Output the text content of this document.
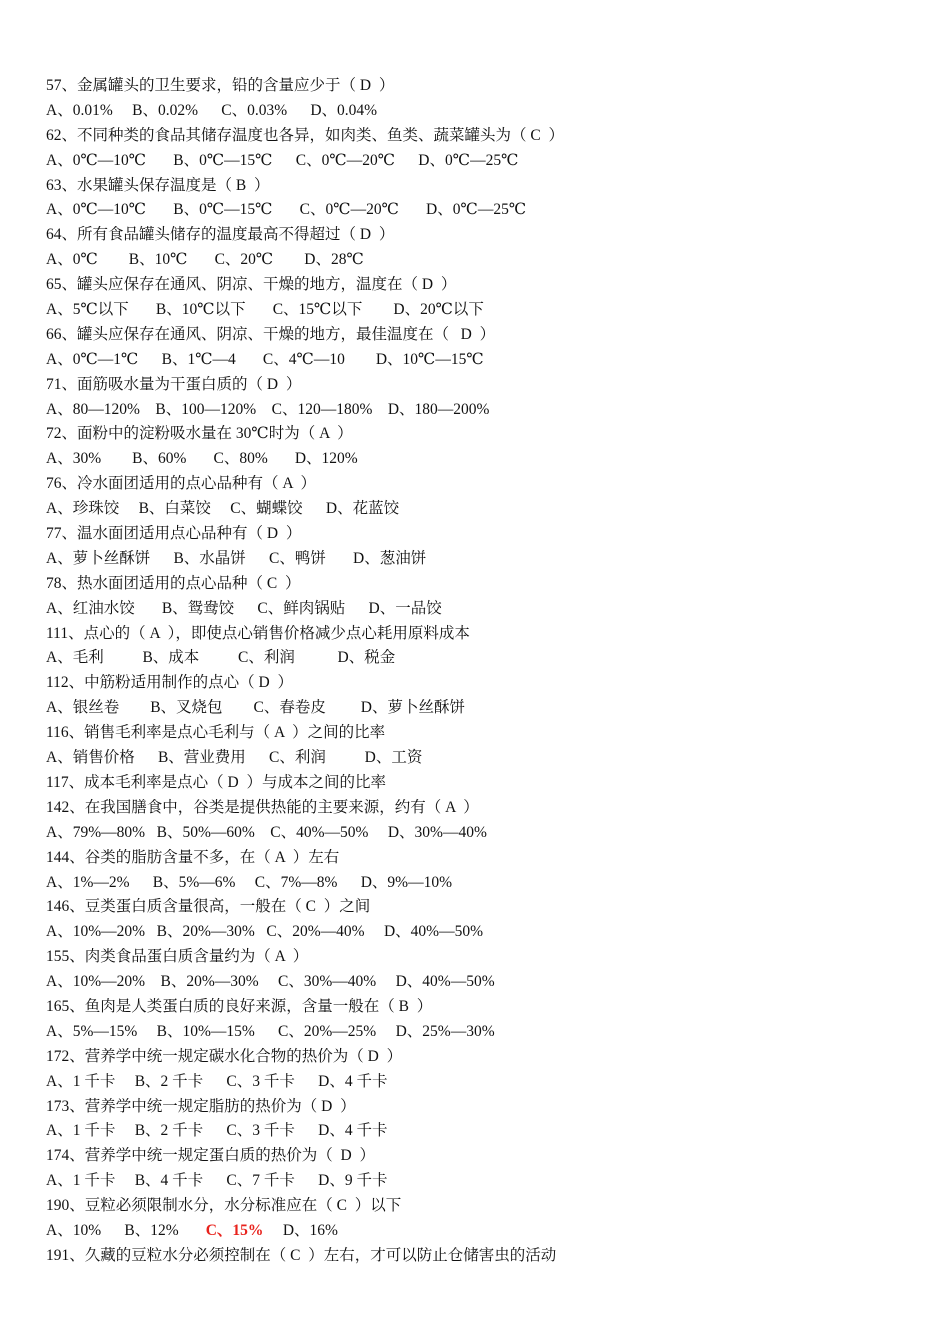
57、金属罐头的卫生要求，铅的含量应少于（ D  ）
A、0.01%     B、0.02%      C、0.03%      D、0.04%
62、不同种类的食品其储存温度也各异，如肉类、鱼类、蔬菜罐头为（ C  ）
A、0℃—10℃       B、0℃—15℃      C、0℃—20℃      D、0℃—25℃
63、水果罐头保存温度是（ B  ）
A、0℃—10℃       B、0℃—15℃       C、0℃—20℃       D、0℃—25℃
64、所有食品罐头储存的温度最高不得超过（ D  ）
A、0℃        B、10℃       C、20℃        D、28℃
65、罐头应保存在通风、阴凉、干燥的地方，温度在（ D  ）
A、5℃以下       B、10℃以下       C、15℃以下        D、20℃以下
66、罐头应保存在通风、阴凉、干燥的地方，最佳温度在（   D  ）
A、0℃—1℃      B、1℃—4       C、4℃—10        D、10℃—15℃
71、面筋吸水量为干蛋白质的（ D  ）
A、80—120%    B、100—120%    C、120—180%    D、180—200%
72、面粉中的淀粉吸水量在 30℃时为（ A  ）
A、30%        B、60%       C、80%       D、120%
76、冷水面团适用的点心品种有（ A  ）
A、珍珠饺     B、白菜饺     C、蝴蝶饺      D、花蓝饺
77、温水面团适用点心品种有（ D  ）
A、萝卜丝酥饼      B、水晶饼      C、鸭饼       D、葱油饼
78、热水面团适用的点心品种（ C  ）
A、红油水饺       B、鸳鸯饺      C、鲜肉锅贴      D、一品饺
111、点心的（ A  ），即使点心销售价格减少点心耗用原料成本
A、毛利          B、成本          C、利润           D、税金
112、中筋粉适用制作的点心（ D  ）
A、银丝卷        B、叉烧包        C、春卷皮         D、萝卜丝酥饼
116、销售毛利率是点心毛利与（ A  ）之间的比率
A、销售价格      B、营业费用      C、利润          D、工资
117、成本毛利率是点心（ D  ）与成本之间的比率
142、在我国膳食中，谷类是提供热能的主要来源，约有（ A  ）
A、79%—80%   B、50%—60%    C、40%—50%     D、30%—40%
144、谷类的脂肪含量不多，在（ A  ）左右
A、1%—2%      B、5%—6%     C、7%—8%      D、9%—10%
146、豆类蛋白质含量很高，一般在（ C  ）之间
A、10%—20%   B、20%—30%   C、20%—40%     D、40%—50%
155、肉类食品蛋白质含量约为（ A  ）
A、10%—20%    B、20%—30%     C、30%—40%     D、40%—50%
165、鱼肉是人类蛋白质的良好来源，含量一般在（ B  ）
A、5%—15%     B、10%—15%      C、20%—25%     D、25%—30%
172、营养学中统一规定碳水化合物的热价为（ D  ）
A、1 千卡     B、2 千卡      C、3 千卡      D、4 千卡
173、营养学中统一规定脂肪的热价为（ D  ）
A、1 千卡     B、2 千卡      C、3 千卡      D、4 千卡
174、营养学中统一规定蛋白质的热价为（  D  ）
A、1 千卡     B、4 千卡      C、7 千卡      D、9 千卡
190、豆粒必须限制水分，水分标准应在（ C  ）以下
A、10%      B、12% C、15% D、16%
191、久藏的豆粒水分必须控制在（ C  ）左右，才可以防止仓储害虫的活动
